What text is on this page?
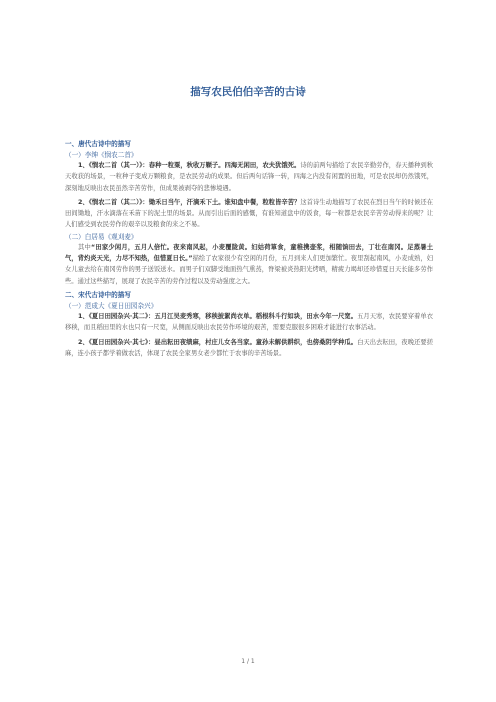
描写农民伯伯辛苦的古诗

一、唐代古诗中的描写

（一）李绅《悯农二首》

1、《悯农二首（其一）》：春种一粒粟，秋收万颗子。四海无闲田，农夫犹饿死。诗的前两句描绘了农民辛勤劳作，春天播种到秋天收获的场景，一粒种子变成万颗粮食，是农民劳动的成果。但后两句话锋一转，四海之内没有闲置的田地，可是农民却仍然饿死，深刻地反映出农民虽然辛苦劳作，但成果被剥夺的悲惨境遇。

2、《悯农二首（其二）》：锄禾日当午，汗滴禾下土。谁知盘中餐，粒粒皆辛苦？这首诗生动地描写了农民在烈日当午的时候还在田间锄地，汗水滴落在禾苗下的泥土里的场景。从而引出后面的感慨，有谁知道盘中的饭食，每一粒都是农民辛苦劳动得来的呢？让人们感受到农民劳作的艰辛以及粮食的来之不易。

（二）白居易《观刈麦》

其中“田家少闲月，五月人倍忙。夜来南风起，小麦覆陇黄。妇姑荷箪食，童稚携壶浆，相随饷田去，丁壮在南冈。足蒸暑土气，背灼炎天光，力尽不知热，但惜夏日长。”描绘了农家很少有空闲的月份，五月到来人们更加繁忙。夜里刮起南风，小麦成熟，妇女儿童去给在南冈劳作的男子送饭送水。而男子们双脚受地面热气熏蒸，脊梁被炎热阳光烤晒，精疲力竭却还珍惜夏日天长能多劳作些。通过这些描写，展现了农民辛苦的劳作过程以及劳动强度之大。

二、宋代古诗中的描写

（一）范成大《夏日田园杂兴》

1、《夏日田园杂兴·其二》：五月江吴麦秀寒，移秧披絮尚衣单。稻根科斗行如块，田水今年一尺宽。五月天寒，农民要穿着单衣移秧，而且稻田里的水也只有一尺宽，从侧面反映出农民劳作环境的艰苦，需要克服很多困难才能进行农事活动。

2、《夏日田园杂兴·其七》：昼出耘田夜绩麻，村庄儿女各当家。童孙未解供耕织，也傍桑阴学种瓜。白天出去耘田，夜晚还要搓麻，连小孩子都学着做农活，体现了农民全家男女老少都忙于农事的辛苦场景。

1 / 1
